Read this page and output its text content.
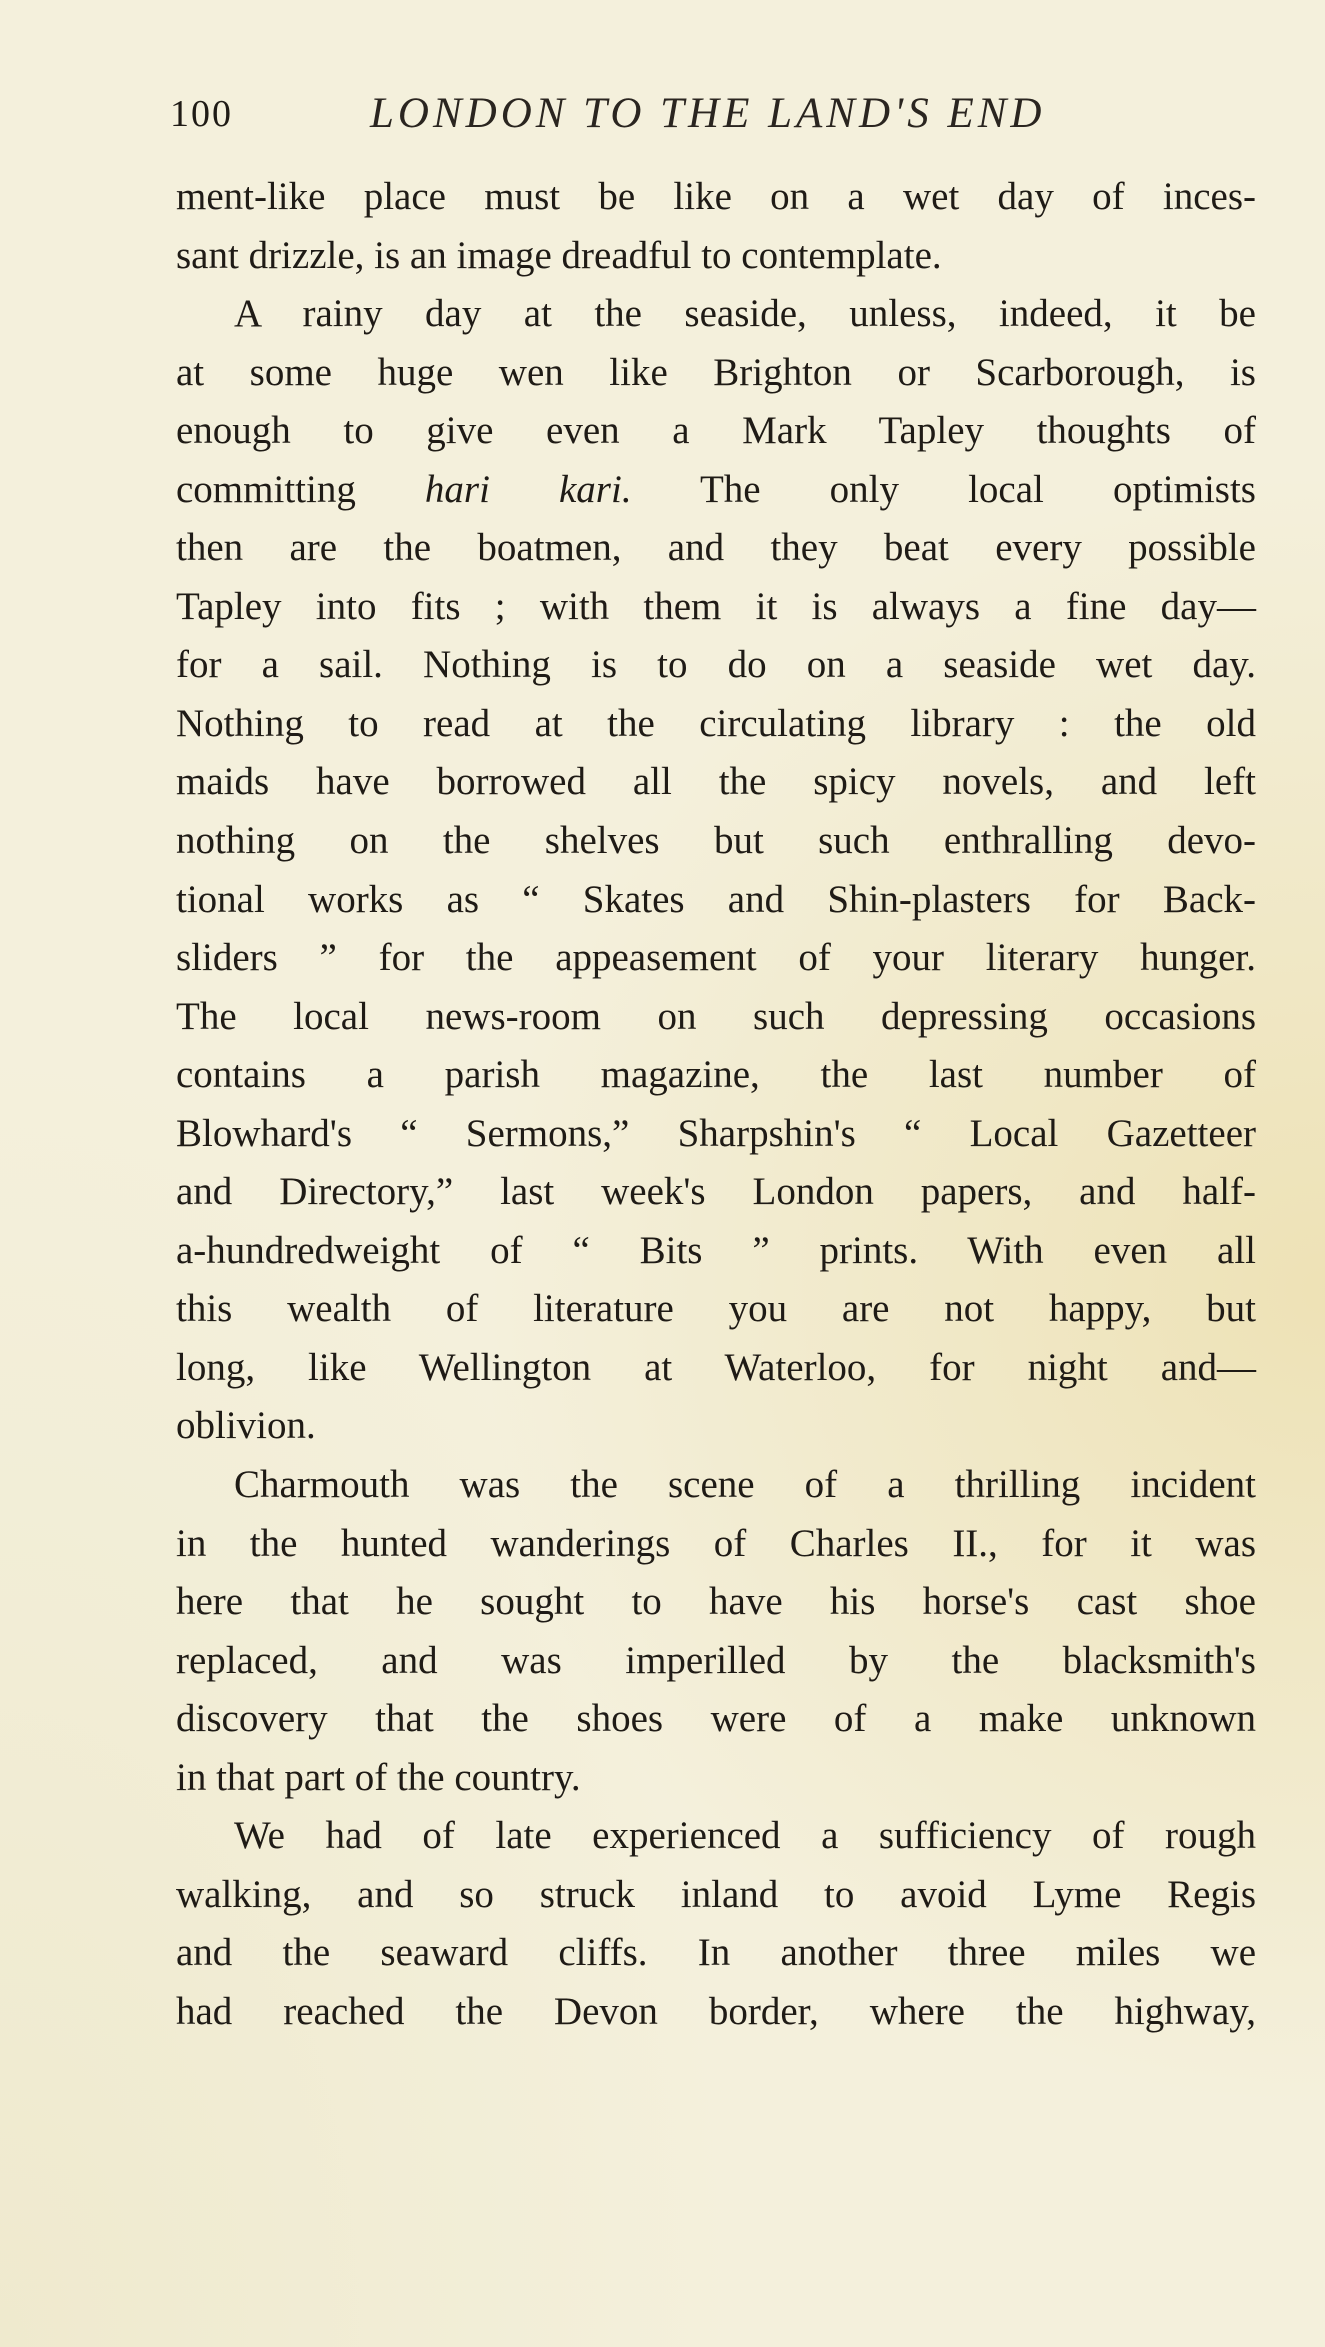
100	LONDON TO THE LAND'S END
ment-like place must be like on a wet day of inces-
sant drizzle, is an image dreadful to contemplate.
A rainy day at the seaside, unless, indeed, it be
at some huge wen like Brighton or Scarborough, is
enough to give even a Mark Tapley thoughts of
committing hari kari. The only local optimists
then are the boatmen, and they beat every possible
Tapley into fits ; with them it is always a fine day—
for a sail. Nothing is to do on a seaside wet day.
Nothing to read at the circulating library : the old
maids have borrowed all the spicy novels, and left
nothing on the shelves but such enthralling devo-
tional works as “ Skates and Shin-plasters for Back-
sliders ” for the appeasement of your literary hunger.
The local news-room on such depressing occasions
contains a parish magazine, the last number of
Blowhard's “ Sermons,” Sharpshin's “ Local Gazetteer
and Directory,” last week's London papers, and half-
a-hundredweight of “ Bits ” prints. With even all
this wealth of literature you are not happy, but
long, like Wellington at Waterloo, for night and—
oblivion.
Charmouth was the scene of a thrilling incident
in the hunted wanderings of Charles II., for it was
here that he sought to have his horse's cast shoe
replaced, and was imperilled by the blacksmith's
discovery that the shoes were of a make unknown
in that part of the country.
We had of late experienced a sufficiency of rough
walking, and so struck inland to avoid Lyme Regis
and the seaward cliffs. In another three miles we
had reached the Devon border, where the highway,
